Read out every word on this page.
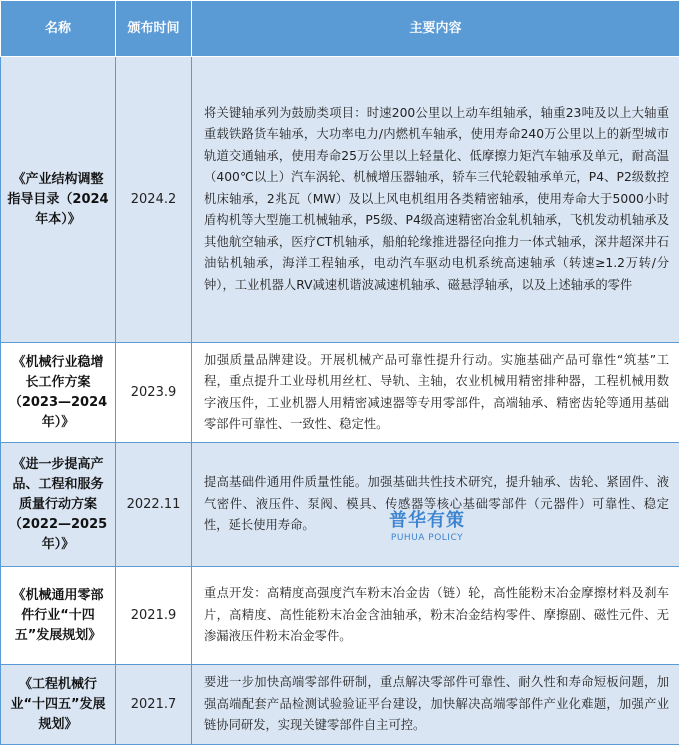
名称	颁布时间	主要内容
《产业结构调整指导目录（2024年本）》	2024.2	将关键轴承列为鼓励类项目：时速200公里以上动车组轴承，轴重23吨及以上大轴重重载铁路货车轴承，大功率电力/内燃机车轴承，使用寿命240万公里以上的新型城市轨道交通轴承，使用寿命25万公里以上轻量化、低摩擦力矩汽车轴承及单元，耐高温（400℃以上）汽车涡轮、机械增压器轴承，轿车三代轮毂轴承单元，P4、P2级数控机床轴承，2兆瓦（MW）及以上风电机组用各类精密轴承，使用寿命大于5000小时盾构机等大型施工机械轴承，P5级、P4级高速精密冶金轧机轴承，飞机发动机轴承及其他航空轴承，医疗CT机轴承，船舶轮缘推进器径向推力一体式轴承，深井超深井石油钻机轴承，海洋工程轴承，电动汽车驱动电机系统高速轴承（转速≥1.2万转/分钟），工业机器人RV减速机谐波减速机轴承、磁悬浮轴承，以及上述轴承的零件
《机械行业稳增长工作方案（2023—2024年）》	2023.9	加强质量品牌建设。开展机械产品可靠性提升行动。实施基础产品可靠性“筑基”工程，重点提升工业母机用丝杠、导轨、主轴，农业机械用精密排种器，工程机械用数字液压件，工业机器人用精密减速器等专用零部件，高端轴承、精密齿轮等通用基础零部件可靠性、一致性、稳定性。
《进一步提高产品、工程和服务质量行动方案（2022—2025年）》	2022.11	提高基础件通用件质量性能。加强基础共性技术研究，提升轴承、齿轮、紧固件、液气密件、液压件、泵阀、模具、传感器等核心基础零部件（元器件）可靠性、稳定性，延长使用寿命。
《机械通用零部件行业“十四五”发展规划》	2021.9	重点开发：高精度高强度汽车粉末冶金齿（链）轮，高性能粉末冶金摩擦材料及刹车片，高精度、高性能粉末冶金含油轴承，粉末冶金结构零件、摩擦副、磁性元件、无渗漏液压件粉末冶金零件。
《工程机械行业“十四五”发展规划》	2021.7	要进一步加快高端零部件研制，重点解决零部件可靠性、耐久性和寿命短板问题，加强高端配套产品检测试验验证平台建设，加快解决高端零部件产业化难题，加强产业链协同研发，实现关键零部件自主可控。
普华有策
PUHUA POLICY
